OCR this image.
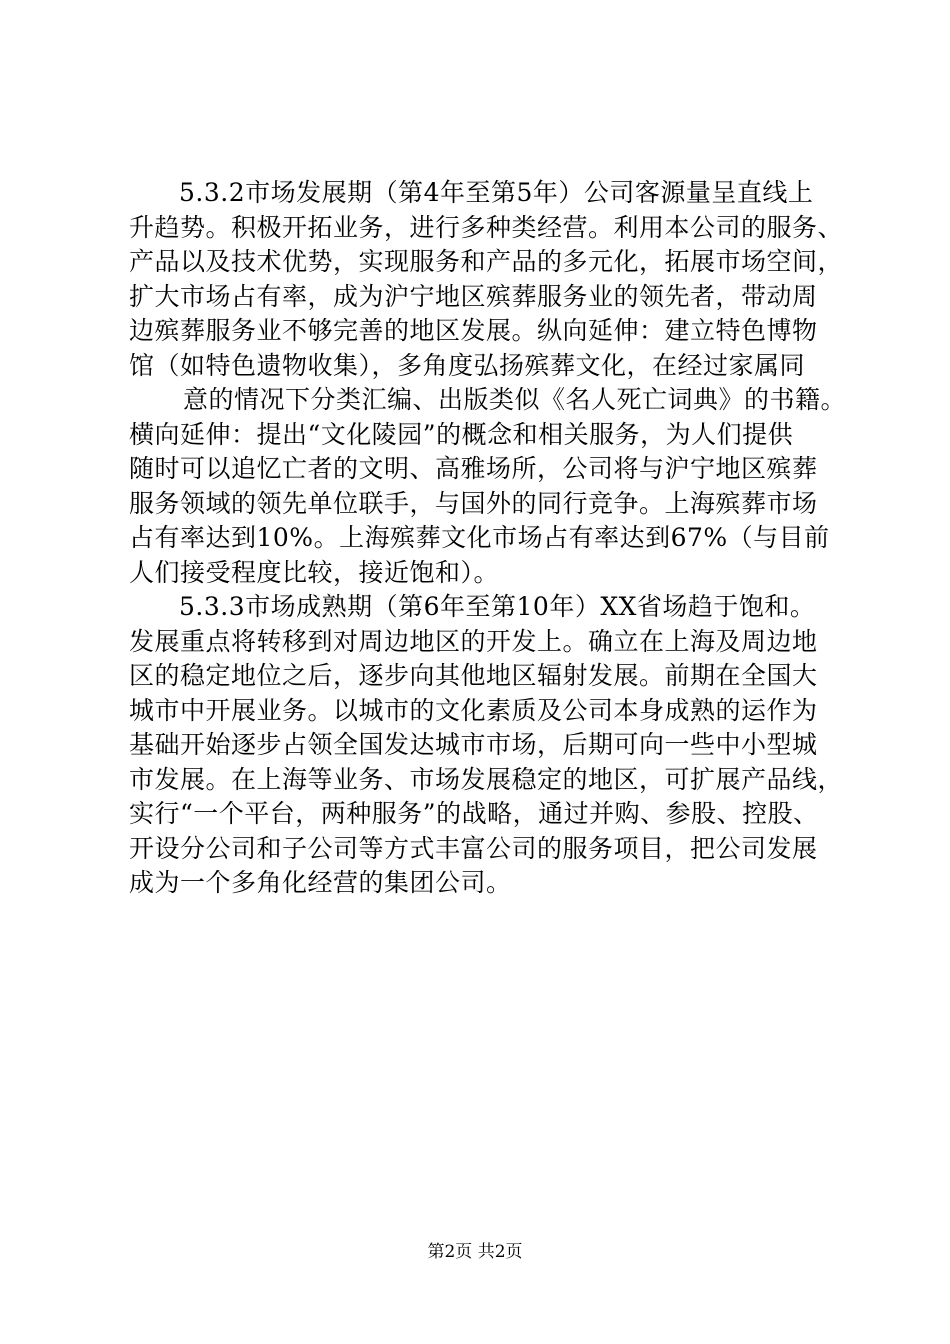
5.3.2市场发展期（第4年至第5年）公司客源量呈直线上
升趋势。积极开拓业务，进行多种类经营。利用本公司的服务、
产品以及技术优势，实现服务和产品的多元化，拓展市场空间，
扩大市场占有率，成为沪宁地区殡葬服务业的领先者，带动周
边殡葬服务业不够完善的地区发展。纵向延伸：建立特色博物
馆（如特色遗物收集），多角度弘扬殡葬文化，在经过家属同
意的情况下分类汇编、出版类似《名人死亡词典》的书籍。
横向延伸：提出“文化陵园”的概念和相关服务，为人们提供
随时可以追忆亡者的文明、高雅场所，公司将与沪宁地区殡葬
服务领域的领先单位联手，与国外的同行竞争。上海殡葬市场
占有率达到10%。上海殡葬文化市场占有率达到67%（与目前
人们接受程度比较，接近饱和）。
5.3.3市场成熟期（第6年至第10年）XX省场趋于饱和。
发展重点将转移到对周边地区的开发上。确立在上海及周边地
区的稳定地位之后，逐步向其他地区辐射发展。前期在全国大
城市中开展业务。以城市的文化素质及公司本身成熟的运作为
基础开始逐步占领全国发达城市市场，后期可向一些中小型城
市发展。在上海等业务、市场发展稳定的地区，可扩展产品线，
实行“一个平台，两种服务”的战略，通过并购、参股、控股、
开设分公司和子公司等方式丰富公司的服务项目，把公司发展
成为一个多角化经营的集团公司。
第2页 共2页
